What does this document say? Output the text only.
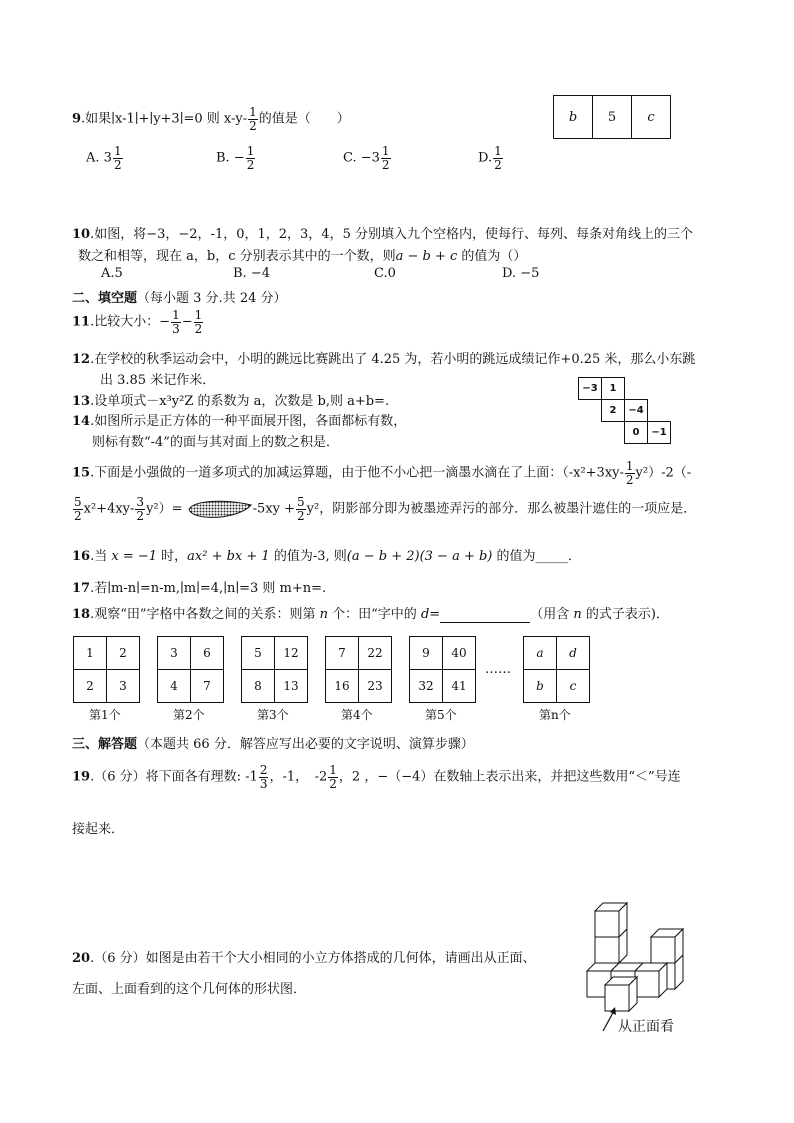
b	5	c
9.如果∣x-1∣+∣y+3∣=0 则 $x-y- \frac{1}{2}$ 的值是（　　）
A. $3 \frac{1}{2}$	B. − $\frac{1}{2}$	C. $-3 \frac{1}{2}$	D. $\frac{1}{2}$
10.如图，将−3，−2，-1，0，1，2，3，4，5 分别填入九个空格内，使每行、每列、每条对角线上的三个
数之和相等，现在 a，b，c 分别表示其中的一个数，则a − b + c 的值为（）
A.5	B. −4	C.0	D. −5
二、填空题（每小题 3 分.共 24 分）
11.比较大小：− $\frac{1}{3} - \frac{1}{2}$
12.在学校的秋季运动会中，小明的跳远比赛跳出了 4.25 为，若小明的跳远成绩记作+0.25 米，那么小东跳
出 3.85 米记作米．
13.设单项式－x³y²Z 的系数为 a，次数是 b,则 a+b=.
14.如图所示是正方体的一种平面展开图，各面都标有数，
则标有数“-4”的面与其对面上的数之积是．
−3	1		
	2	−4	
		0	−1
15.下面是小强做的一道多项式的加减运算题，由于他不小心把一滴墨水滴在了上面：$(-x^2+3xy- \frac{1}{2} y^2)-2(-$
$\frac{5}{2} x^2+4xy- \frac{3}{2} y^2)=$	$-5xy + \frac{5}{2} y^2$，阴影部分即为被墨迹弄污的部分．那么被墨汁遮住的一项应是．
16.当 x = −1 时，ax² + bx + 1 的值为-3, 则(a − b + 2)(3 − a + b) 的值为_____．
17.若∣m-n∣=n-m,∣m∣=4,∣n∣=3 则 m+n=.
18.观察“田”字格中各数之间的关系：则第 n 个：田“字中的 d=	（用含 n 的式子表示)．
1	2
2	3
第1个
3	6
4	7
第2个
5	12
8	13
第3个
7	22
16	23
第4个
9	40
32	41
第5个
……
a	d
b	c
第n个
三、解答题（本题共 66 分．解答应写出必要的文字说明、演算步骤）
19.（6 分）将下面各有理数: $-1 \frac{2}{3}$ ，-1，　$-2 \frac{1}{2}$ ，2 ，−（−4）在数轴上表示出来，并把这些数用“＜”号连
接起来．
20.（6 分）如图是由若干个大小相同的小立方体搭成的几何体，请画出从正面、
左面、上面看到的这个几何体的形状图．
从正面看
